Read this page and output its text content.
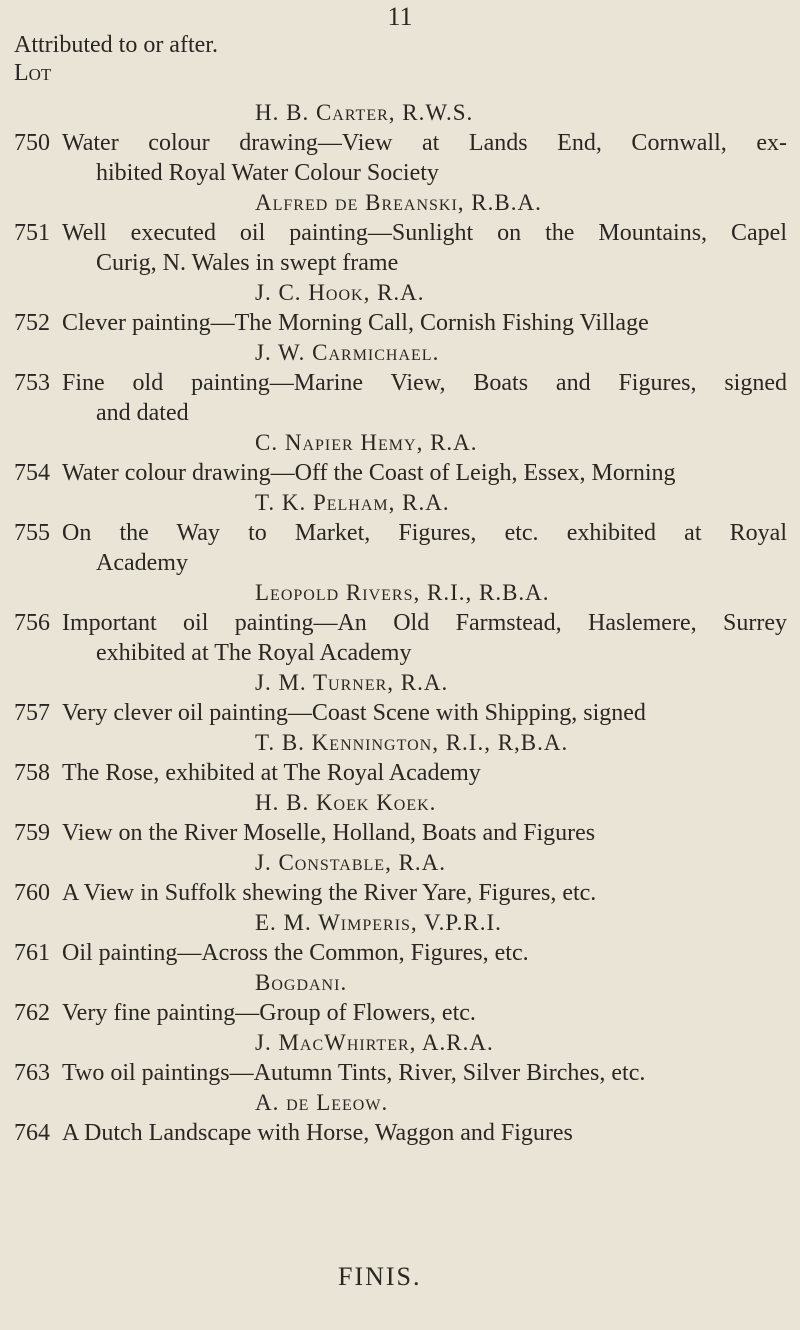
11
Attributed to or after.
Lot
H. B. Carter, R.W.S.
750 Water colour drawing—View at Lands End, Cornwall, ex-
hibited Royal Water Colour Society
Alfred de Breanski, R.B.A.
751 Well executed oil painting—Sunlight on the Mountains, Capel
Curig, N. Wales in swept frame
J. C. Hook, R.A.
752 Clever painting—The Morning Call, Cornish Fishing Village
J. W. Carmichael.
753 Fine old painting—Marine View, Boats and Figures, signed
and dated
C. Napier Hemy, R.A.
754 Water colour drawing—Off the Coast of Leigh, Essex, Morning
T. K. Pelham, R.A.
755 On the Way to Market, Figures, etc. exhibited at Royal
Academy
Leopold Rivers, R.I., R.B.A.
756 Important oil painting—An Old Farmstead, Haslemere, Surrey
exhibited at The Royal Academy
J. M. Turner, R.A.
757 Very clever oil painting—Coast Scene with Shipping, signed
T. B. Kennington, R.I., R,B.A.
758 The Rose, exhibited at The Royal Academy
H. B. Koek Koek.
759 View on the River Moselle, Holland, Boats and Figures
J. Constable, R.A.
760 A View in Suffolk shewing the River Yare, Figures, etc.
E. M. Wimperis, V.P.R.I.
761 Oil painting—Across the Common, Figures, etc.
Bogdani.
762 Very fine painting—Group of Flowers, etc.
J. MacWhirter, A.R.A.
763 Two oil paintings—Autumn Tints, River, Silver Birches, etc.
A. de Leeow.
764 A Dutch Landscape with Horse, Waggon and Figures
FINIS.
